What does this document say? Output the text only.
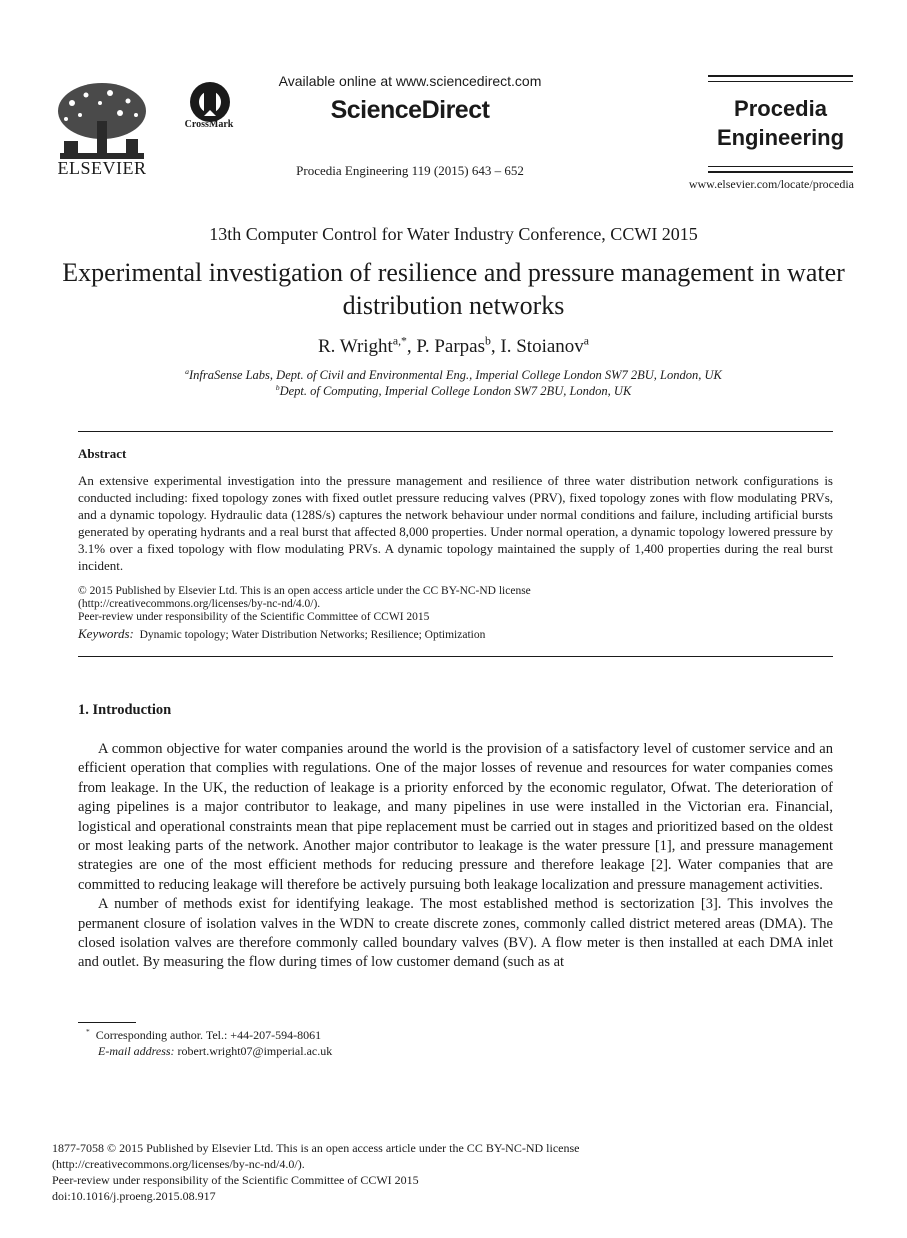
ELSEVIER
CrossMark
Available online at www.sciencedirect.com
ScienceDirect
Procedia Engineering 119 (2015) 643 – 652
Procedia
Engineering
www.elsevier.com/locate/procedia
13th Computer Control for Water Industry Conference, CCWI 2015
Experimental investigation of resilience and pressure management in water distribution networks
R. Wright$^{a,*}$, P. Parpas$^b$, I. Stoianov$^a$
$^a$InfraSense Labs, Dept. of Civil and Environmental Eng., Imperial College London SW7 2BU, London, UK
$^b$Dept. of Computing, Imperial College London SW7 2BU, London, UK
Abstract
An extensive experimental investigation into the pressure management and resilience of three water distribution network configurations is conducted including: fixed topology zones with fixed outlet pressure reducing valves (PRV), fixed topology zones with flow modulating PRVs, and a dynamic topology. Hydraulic data (128S/s) captures the network behaviour under normal conditions and failure, including artificial bursts generated by operating hydrants and a real burst that affected 8,000 properties. Under normal operation, a dynamic topology lowered pressure by 3.1% over a fixed topology with flow modulating PRVs. A dynamic topology maintained the supply of 1,400 properties during the real burst incident.
© 2015 Published by Elsevier Ltd. This is an open access article under the CC BY-NC-ND license
(http://creativecommons.org/licenses/by-nc-nd/4.0/).
Peer-review under responsibility of the Scientific Committee of CCWI 2015
Keywords: Dynamic topology; Water Distribution Networks; Resilience; Optimization
1. Introduction

A common objective for water companies around the world is the provision of a satisfactory level of customer service and an efficient operation that complies with regulations. One of the major losses of revenue and resources for water companies comes from leakage. In the UK, the reduction of leakage is a priority enforced by the economic regulator, Ofwat. The deterioration of aging pipelines is a major contributor to leakage, and many pipelines in use were installed in the Victorian era. Financial, logistical and operational constraints mean that pipe replacement must be carried out in stages and prioritized based on the oldest or most leaking parts of the network. Another major contributor to leakage is the water pressure [1], and pressure management strategies are one of the most efficient methods for reducing pressure and therefore leakage [2]. Water companies that are committed to reducing leakage will therefore be actively pursuing both leakage localization and pressure management activities.

A number of methods exist for identifying leakage. The most established method is sectorization [3]. This involves the permanent closure of isolation valves in the WDN to create discrete zones, commonly called district metered areas (DMA). The closed isolation valves are therefore commonly called boundary valves (BV). A flow meter is then installed at each DMA inlet and outlet. By measuring the flow during times of low customer demand (such as at

* Corresponding author. Tel.: +44-207-594-8061
E-mail address: robert.wright07@imperial.ac.uk
1877-7058 © 2015 Published by Elsevier Ltd. This is an open access article under the CC BY-NC-ND license
(http://creativecommons.org/licenses/by-nc-nd/4.0/).
Peer-review under responsibility of the Scientific Committee of CCWI 2015
doi:10.1016/j.proeng.2015.08.917
